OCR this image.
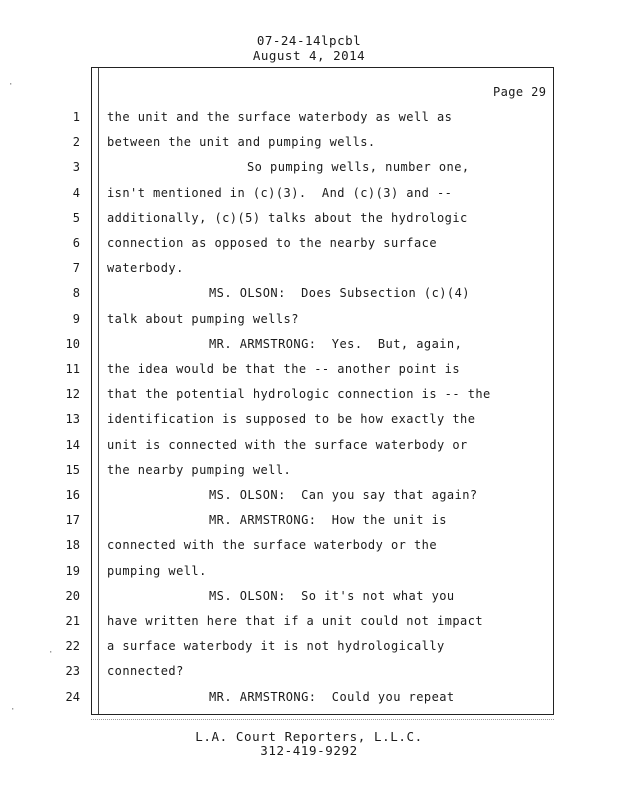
07-24-14lpcbl
August 4, 2014
Page 29
1 the unit and the surface waterbody as well as
2 between the unit and pumping wells.
3	So pumping wells, number one,
4 isn't mentioned in (c)(3).  And (c)(3) and --
5 additionally, (c)(5) talks about the hydrologic
6 connection as opposed to the nearby surface
7 waterbody.
8	MS. OLSON:  Does Subsection (c)(4)
9 talk about pumping wells?
10	MR. ARMSTRONG:  Yes.  But, again,
11 the idea would be that the -- another point is
12 that the potential hydrologic connection is -- the
13 identification is supposed to be how exactly the
14 unit is connected with the surface waterbody or
15 the nearby pumping well.
16	MS. OLSON:  Can you say that again?
17	MR. ARMSTRONG:  How the unit is
18 connected with the surface waterbody or the
19 pumping well.
20	MS. OLSON:  So it's not what you
21 have written here that if a unit could not impact
22 a surface waterbody it is not hydrologically
23 connected?
24	MR. ARMSTRONG:  Could you repeat
L.A. Court Reporters, L.L.C.
312-419-9292
·
·
·
